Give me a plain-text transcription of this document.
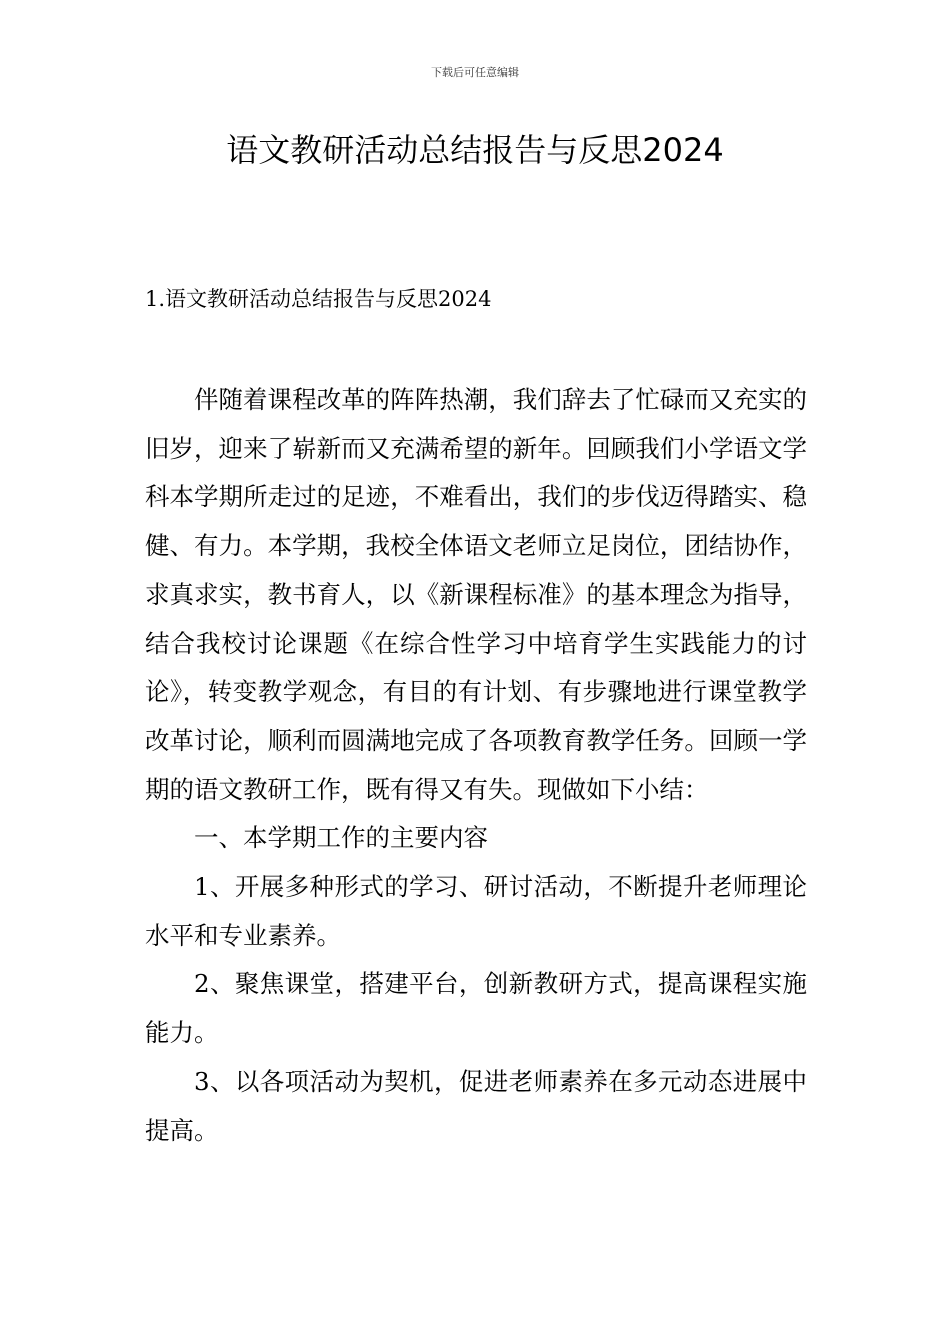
下载后可任意编辑
语文教研活动总结报告与反思2024
1.语文教研活动总结报告与反思2024

伴随着课程改革的阵阵热潮，我们辞去了忙碌而又充实的旧岁，迎来了崭新而又充满希望的新年。回顾我们小学语文学科本学期所走过的足迹，不难看出，我们的步伐迈得踏实、稳健、有力。本学期，我校全体语文老师立足岗位，团结协作，求真求实，教书育人，以《新课程标准》的基本理念为指导，结合我校讨论课题《在综合性学习中培育学生实践能力的讨论》，转变教学观念，有目的有计划、有步骤地进行课堂教学改革讨论，顺利而圆满地完成了各项教育教学任务。回顾一学期的语文教研工作，既有得又有失。现做如下小结：

一、本学期工作的主要内容

1、开展多种形式的学习、研讨活动，不断提升老师理论水平和专业素养。

2、聚焦课堂，搭建平台，创新教研方式，提高课程实施能力。

3、以各项活动为契机，促进老师素养在多元动态进展中提高。
